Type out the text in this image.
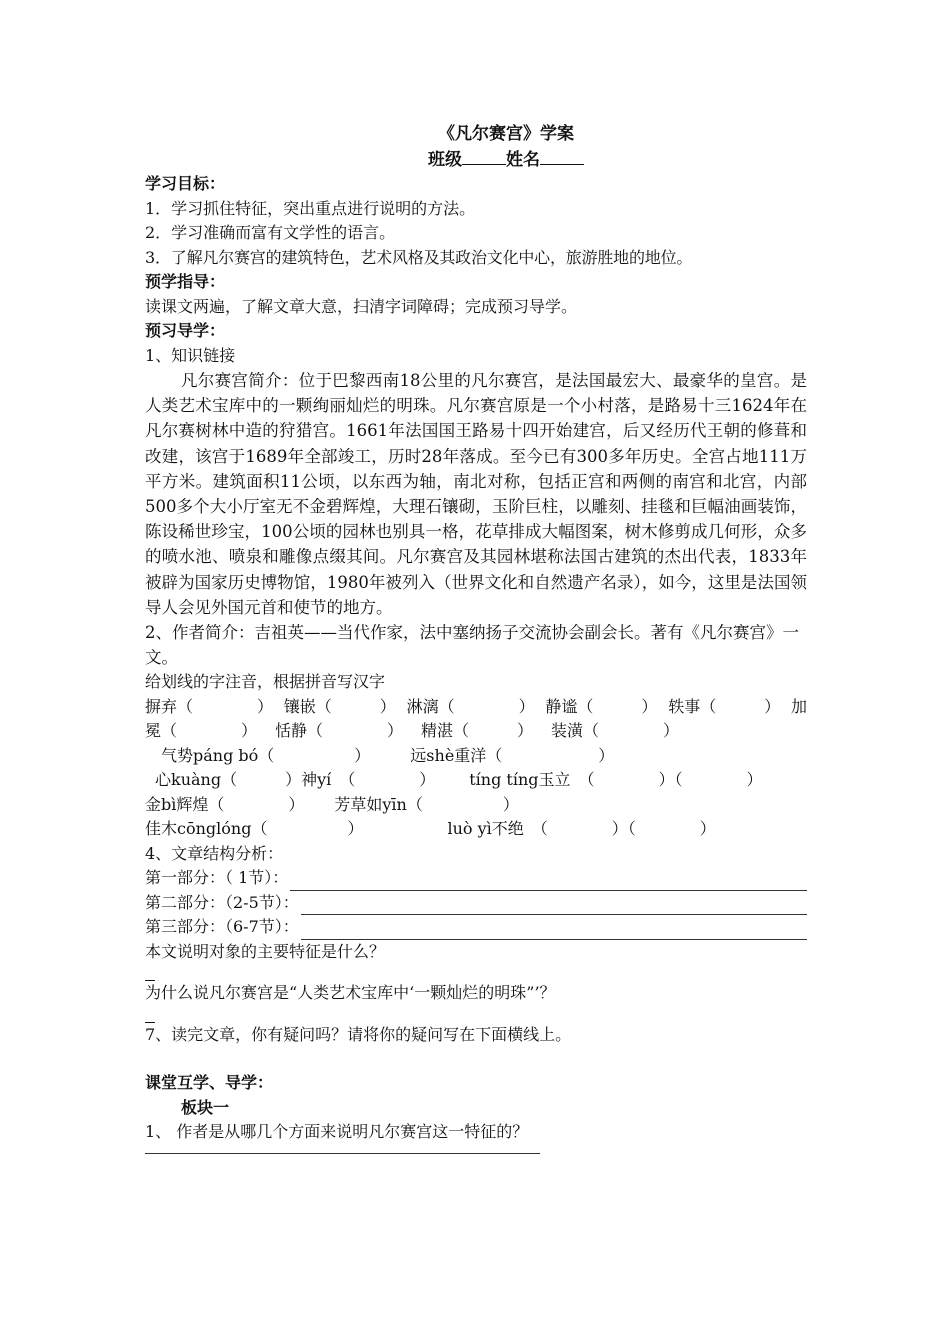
《凡尔赛宫》学案
班级	姓名

学习目标：

1．学习抓住特征，突出重点进行说明的方法。

2．学习准确而富有文学性的语言。

3．了解凡尔赛宫的建筑特色，艺术风格及其政治文化中心，旅游胜地的地位。

预学指导：

读课文两遍，了解文章大意，扫清字词障碍；完成预习导学。

预习导学：

1、知识链接

凡尔赛宫简介：位于巴黎西南18公里的凡尔赛宫，是法国最宏大、最豪华的皇宫。是人类艺术宝库中的一颗绚丽灿烂的明珠。凡尔赛宫原是一个小村落，是路易十三1624年在凡尔赛树林中造的狩猎宫。1661年法国国王路易十四开始建宫，后又经历代王朝的修葺和改建，该宫于1689年全部竣工，历时28年落成。至今已有300多年历史。全宫占地111万平方米。建筑面积11公顷，以东西为轴，南北对称，包括正宫和两侧的南宫和北宫，内部500多个大小厅室无不金碧辉煌，大理石镶砌，玉阶巨柱，以雕刻、挂毯和巨幅油画装饰，陈设稀世珍宝，100公顷的园林也别具一格，花草排成大幅图案，树木修剪成几何形，众多的喷水池、喷泉和雕像点缀其间。凡尔赛宫及其园林堪称法国古建筑的杰出代表，1833年被辟为国家历史博物馆，1980年被列入（世界文化和自然遗产名录），如今，这里是法国领导人会见外国元首和使节的地方。

2、作者简介：吉祖英——当代作家，法中塞纳扬子交流协会副会长。著有《凡尔赛宫》一文。

给划线的字注音，根据拼音写汉字

摒弃（　　　　） 镶嵌（　　　） 淋漓（　　　　） 静谧（　　　） 轶事（　　　） 加
冕（　　　　） 恬静（　　　　） 精湛（　　　） 装潢（　　　　）
气势páng bó（　　　　　）	远shè重洋（　　　　　　）
心kuàng（　　　）神yí　（　　　　） tíng tíng玉立　（　　　　）（　　　　）
金bì辉煌（　　　　） 芳草如yīn（　　　　　）
佳木cōnglóng（　　　　　）	luò yì不绝　（　　　　）（　　　　）

4、文章结构分析：

第一部分：（ 1节）：
第二部分：（2-5节）：
第三部分：（6-7节）：

本文说明对象的主要特征是什么？

为什么说凡尔赛宫是“人类艺术宝库中‘一颗灿烂的明珠”’？

7、读完文章，你有疑问吗？请将你的疑问写在下面横线上。

课堂互学、导学：

板块一

1、 作者是从哪几个方面来说明凡尔赛宫这一特征的？
